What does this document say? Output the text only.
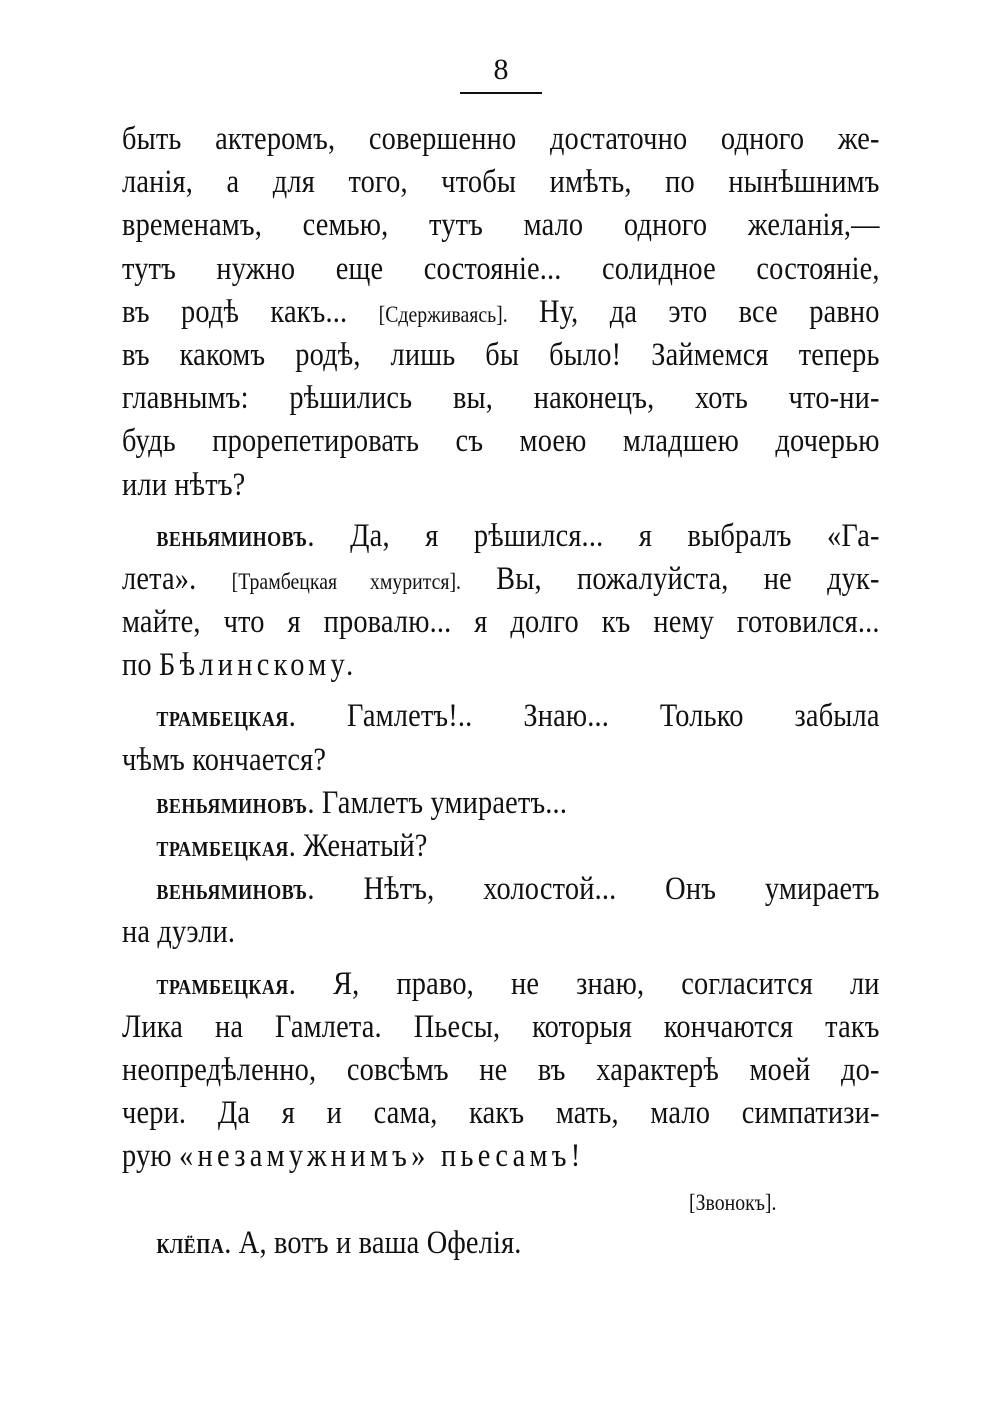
8
быть актеромъ, совершенно достаточно одного же-
ланія, а для того, чтобы имѣть, по нынѣшнимъ
временамъ, семью, тутъ мало одного желанія,—
тутъ нужно еще состояніе... солидное состояніе,
въ родѣ какъ... [Сдерживаясь]. Ну, да это все равно
въ какомъ родѣ, лишь бы было! Займемся теперь
главнымъ: рѣшились вы, наконецъ, хоть что-ни-
будь прорепетировать съ моею младшею дочерью
или нѣтъ?
веньяминовъ. Да, я рѣшился... я выбралъ «Га-
лета». [Трамбецкая хмурится]. Вы, пожалуйста, не дук-
майте, что я провалю... я долго къ нему готовился...
по Бѣлинскому.
трамбецкая. Гамлетъ!.. Знаю... Только забыла
чѣмъ кончается?
веньяминовъ. Гамлетъ умираетъ...
трамбецкая. Женатый?
веньяминовъ. Нѣтъ, холостой... Онъ умираетъ
на дуэли.
трамбецкая. Я, право, не знаю, согласится ли
Лика на Гамлета. Пьесы, которыя кончаются такъ
неопредѣленно, совсѣмъ не въ характерѣ моей до-
чери. Да я и сама, какъ мать, мало симпатизи-
рую «незамужнимъ» пьесамъ!
[Звонокъ].
клёпа. А, вотъ и ваша Офелія.
